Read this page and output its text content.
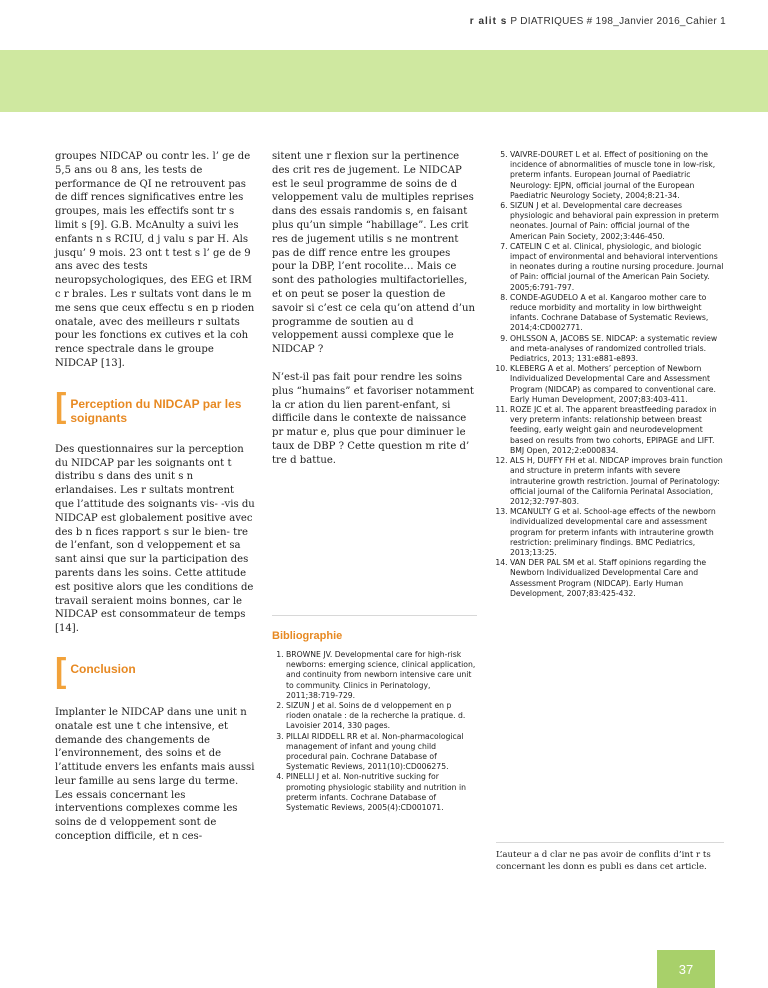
r alit s P DIATRIQUES # 198_Janvier 2016_Cahier 1

groupes NIDCAP ou contr les. l’ ge de 5,5 ans ou 8 ans, les tests de performance de QI ne retrouvent pas de diff rences significatives entre les groupes, mais les effectifs sont tr s limit s [9]. G.B. McAnulty a suivi les enfants n s RCIU, d j valu s par H. Als jusqu’ 9 mois. 23 ont t test s l’ ge de 9 ans avec des tests neuropsychologiques, des EEG et IRM c r brales. Les r sultats vont dans le m me sens que ceux effectu s en p rioden onatale, avec des meilleurs r sultats pour les fonctions ex cutives et la coh rence spectrale dans le groupe NIDCAP [13].

[ Perception du NIDCAP par les soignants

Des questionnaires sur la perception du NIDCAP par les soignants ont t distribu s dans des unit s n erlandaises. Les r sultats montrent que l’attitude des soignants vis- -vis du NIDCAP est globalement positive avec des b n fices rapport s sur le bien- tre de l’enfant, son d veloppement et sa sant ainsi que sur la participation des parents dans les soins. Cette attitude est positive alors que les conditions de travail seraient moins bonnes, car le NIDCAP est consommateur de temps [14].

[ Conclusion

Implanter le NIDCAP dans une unit n onatale est une t che intensive, et demande des changements de l’environnement, des soins et de l’attitude envers les enfants mais aussi leur famille au sens large du terme. Les essais concernant les interventions complexes comme les soins de d veloppement sont de conception difficile, et n ces-

sitent une r flexion sur la pertinence des crit res de jugement. Le NIDCAP est le seul programme de soins de d veloppement valu de multiples reprises dans des essais randomis s, en faisant plus qu’un simple “habillage”. Les crit res de jugement utilis s ne montrent pas de diff rence entre les groupes pour la DBP, l’ent rocolite… Mais ce sont des pathologies multifactorielles, et on peut se poser la question de savoir si c’est ce cela qu’on attend d’un programme de soutien au d veloppement aussi complexe que le NIDCAP ?

N’est-il pas fait pour rendre les soins plus “humains” et favoriser notamment la cr ation du lien parent-enfant, si difficile dans le contexte de naissance pr matur e, plus que pour diminuer le taux de DBP ? Cette question m rite d’ tre d battue.

Bibliographie
1. BROWNE JV. Developmental care for high-risk newborns: emerging science, clinical application, and continuity from newborn intensive care unit to community. Clinics in Perinatology, 2011;38:719-729.
2. SIZUN J et al. Soins de d veloppement en p rioden onatale : de la recherche la pratique. d. Lavoisier 2014, 330 pages.
3. PILLAI RIDDELL RR et al. Non-pharmacological management of infant and young child procedural pain. Cochrane Database of Systematic Reviews, 2011(10):CD006275.
4. PINELLI J et al. Non-nutritive sucking for promoting physiologic stability and nutrition in preterm infants. Cochrane Database of Systematic Reviews, 2005(4):CD001071.
5. VAIVRE-DOURET L et al. Effect of positioning on the incidence of abnormalities of muscle tone in low-risk, preterm infants. European Journal of Paediatric Neurology: EJPN, official journal of the European Paediatric Neurology Society, 2004;8:21-34.
6. SIZUN J et al. Developmental care decreases physiologic and behavioral pain expression in preterm neonates. Journal of Pain: official journal of the American Pain Society, 2002;3:446-450.
7. CATELIN C et al. Clinical, physiologic, and biologic impact of environmental and behavioral interventions in neonates during a routine nursing procedure. Journal of Pain: official journal of the American Pain Society. 2005;6:791-797.
8. CONDE-AGUDELO A et al. Kangaroo mother care to reduce morbidity and mortality in low birthweight infants. Cochrane Database of Systematic Reviews, 2014;4:CD002771.
9. OHLSSON A, JACOBS SE. NIDCAP: a systematic review and meta-analyses of randomized controlled trials. Pediatrics, 2013; 131:e881-e893.
10. KLEBERG A et al. Mothers’ perception of Newborn Individualized Developmental Care and Assessment Program (NIDCAP) as compared to conventional care. Early Human Development, 2007;83:403-411.
11. ROZE JC et al. The apparent breastfeeding paradox in very preterm infants: relationship between breast feeding, early weight gain and neurodevelopment based on results from two cohorts, EPIPAGE and LIFT. BMJ Open, 2012;2:e000834.
12. ALS H, DUFFY FH et al. NIDCAP improves brain function and structure in preterm infants with severe intrauterine growth restriction. Journal of Perinatology: official journal of the California Perinatal Association, 2012;32:797-803.
13. MCANULTY G et al. School-age effects of the newborn individualized developmental care and assessment program for preterm infants with intrauterine growth restriction: preliminary findings. BMC Pediatrics, 2013;13:25.
14. VAN DER PAL SM et al. Staff opinions regarding the Newborn Individualized Developmental Care and Assessment Program (NIDCAP). Early Human Development, 2007;83:425-432.
L’auteur a d clar ne pas avoir de conflits d’int r ts concernant les donn es publi es dans cet article.
37
